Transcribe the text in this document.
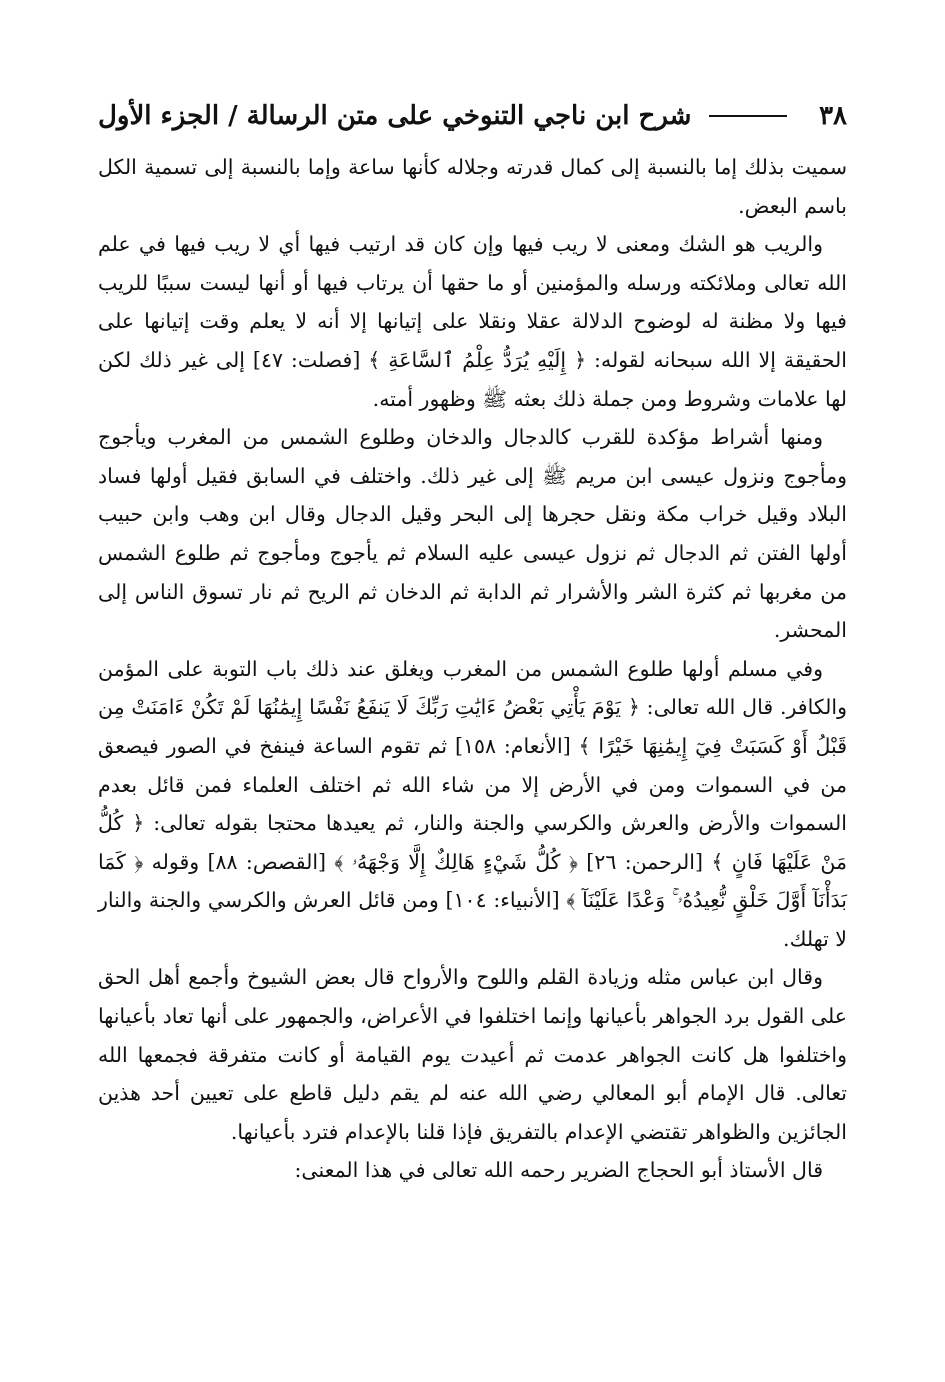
٣٨
شرح ابن ناجي التنوخي على متن الرسالة / الجزء الأول

سميت بذلك إما بالنسبة إلى كمال قدرته وجلاله كأنها ساعة وإما بالنسبة إلى تسمية الكل باسم البعض.

والريب هو الشك ومعنى لا ريب فيها وإن كان قد ارتيب فيها أي لا ريب فيها في علم الله تعالى وملائكته ورسله والمؤمنين أو ما حقها أن يرتاب فيها أو أنها ليست سببًا للريب فيها ولا مظنة له لوضوح الدلالة عقلا ونقلا على إتيانها إلا أنه لا يعلم وقت إتيانها على الحقيقة إلا الله سبحانه لقوله: ﴿ إِلَيْهِ يُرَدُّ عِلْمُ ٱلسَّاعَةِ ﴾ [فصلت: ٤٧] إلى غير ذلك لكن لها علامات وشروط ومن جملة ذلك بعثه ﷺ وظهور أمته.

ومنها أشراط مؤكدة للقرب كالدجال والدخان وطلوع الشمس من المغرب ويأجوج ومأجوج ونزول عيسى ابن مريم ﷺ إلى غير ذلك. واختلف في السابق فقيل أولها فساد البلاد وقيل خراب مكة ونقل حجرها إلى البحر وقيل الدجال وقال ابن وهب وابن حبيب أولها الفتن ثم الدجال ثم نزول عيسى عليه السلام ثم يأجوج ومأجوج ثم طلوع الشمس من مغربها ثم كثرة الشر والأشرار ثم الدابة ثم الدخان ثم الريح ثم نار تسوق الناس إلى المحشر.

وفي مسلم أولها طلوع الشمس من المغرب ويغلق عند ذلك باب التوبة على المؤمن والكافر. قال الله تعالى: ﴿ يَوْمَ يَأْتِي بَعْضُ ءَايَٰتِ رَبِّكَ لَا يَنفَعُ نَفْسًا إِيمَٰنُهَا لَمْ تَكُنْ ءَامَنَتْ مِن قَبْلُ أَوْ كَسَبَتْ فِيٓ إِيمَٰنِهَا خَيْرًا ﴾ [الأنعام: ١٥٨] ثم تقوم الساعة فينفخ في الصور فيصعق من في السموات ومن في الأرض إلا من شاء الله ثم اختلف العلماء فمن قائل بعدم السموات والأرض والعرش والكرسي والجنة والنار، ثم يعيدها محتجا بقوله تعالى: ﴿ كُلُّ مَنْ عَلَيْهَا فَانٍ ﴾ [الرحمن: ٢٦] ﴿ كُلُّ شَيْءٍ هَالِكٌ إِلَّا وَجْهَهُۥ ﴾ [القصص: ٨٨] وقوله ﴿ كَمَا بَدَأْنَآ أَوَّلَ خَلْقٍ نُّعِيدُهُۥ ۚ وَعْدًا عَلَيْنَآ ﴾ [الأنبياء: ١٠٤] ومن قائل العرش والكرسي والجنة والنار لا تهلك.

وقال ابن عباس مثله وزيادة القلم واللوح والأرواح قال بعض الشيوخ وأجمع أهل الحق على القول برد الجواهر بأعيانها وإنما اختلفوا في الأعراض، والجمهور على أنها تعاد بأعيانها واختلفوا هل كانت الجواهر عدمت ثم أعيدت يوم القيامة أو كانت متفرقة فجمعها الله تعالى. قال الإمام أبو المعالي رضي الله عنه لم يقم دليل قاطع على تعيين أحد هذين الجائزين والظواهر تقتضي الإعدام بالتفريق فإذا قلنا بالإعدام فترد بأعيانها.

قال الأستاذ أبو الحجاج الضرير رحمه الله تعالى في هذا المعنى:
